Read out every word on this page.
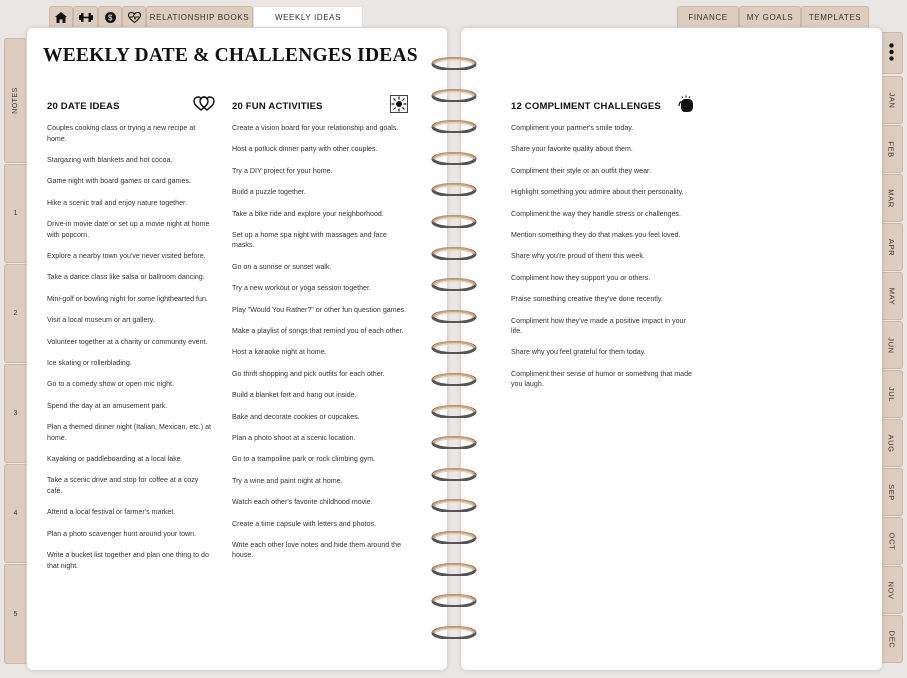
$	RELATIONSHIP BOOKS	WEEKLY IDEAS	FINANCE MY GOALS TEMPLATES
NOTES
1
2
3
4
5
JAN
FEB
MAR
APR
MAY
JUN
JUL
AUG
SEP
OCT
NOV
DEC
WEEKLY DATE & CHALLENGES IDEAS
20 DATE IDEAS
Couples cooking class or trying a new recipe at home.
Stargazing with blankets and hot cocoa.
Game night with board games or card games.
Hike a scenic trail and enjoy nature together.
Drive-in movie date or set up a movie night at home with popcorn.
Explore a nearby town you've never visited before.
Take a dance class like salsa or ballroom dancing.
Mini-golf or bowling night for some lighthearted fun.
Visit a local museum or art gallery.
Volunteer together at a charity or community event.
Ice skating or rollerblading.
Go to a comedy show or open mic night.
Spend the day at an amusement park.
Plan a themed dinner night (Italian, Mexican, etc.) at home.
Kayaking or paddleboarding at a local lake.
Take a scenic drive and stop for coffee at a cozy café.
Attend a local festival or farmer's market.
Plan a photo scavenger hunt around your town.
Write a bucket list together and plan one thing to do that night.
20 FUN ACTIVITIES
Create a vision board for your relationship and goals.
Host a potluck dinner party with other couples.
Try a DIY project for your home.
Build a puzzle together.
Take a bike ride and explore your neighborhood.
Set up a home spa night with massages and face masks.
Go on a sunrise or sunset walk.
Try a new workout or yoga session together.
Play "Would You Rather?" or other fun question games.
Make a playlist of songs that remind you of each other.
Host a karaoke night at home.
Go thrift shopping and pick outfits for each other.
Build a blanket fort and hang out inside.
Bake and decorate cookies or cupcakes.
Plan a photo shoot at a scenic location.
Go to a trampoline park or rock climbing gym.
Try a wine and paint night at home.
Watch each other's favorite childhood movie.
Create a time capsule with letters and photos.
Write each other love notes and hide them around the house.
12 COMPLIMENT CHALLENGES
Compliment your partner's smile today.
Share your favorite quality about them.
Compliment their style or an outfit they wear.
Highlight something you admire about their personality.
Compliment the way they handle stress or challenges.
Mention something they do that makes you feel loved.
Share why you're proud of them this week.
Compliment how they support you or others.
Praise something creative they've done recently.
Compliment how they've made a positive impact in your life.
Share why you feel grateful for them today.
Compliment their sense of humor or something that made you laugh.
